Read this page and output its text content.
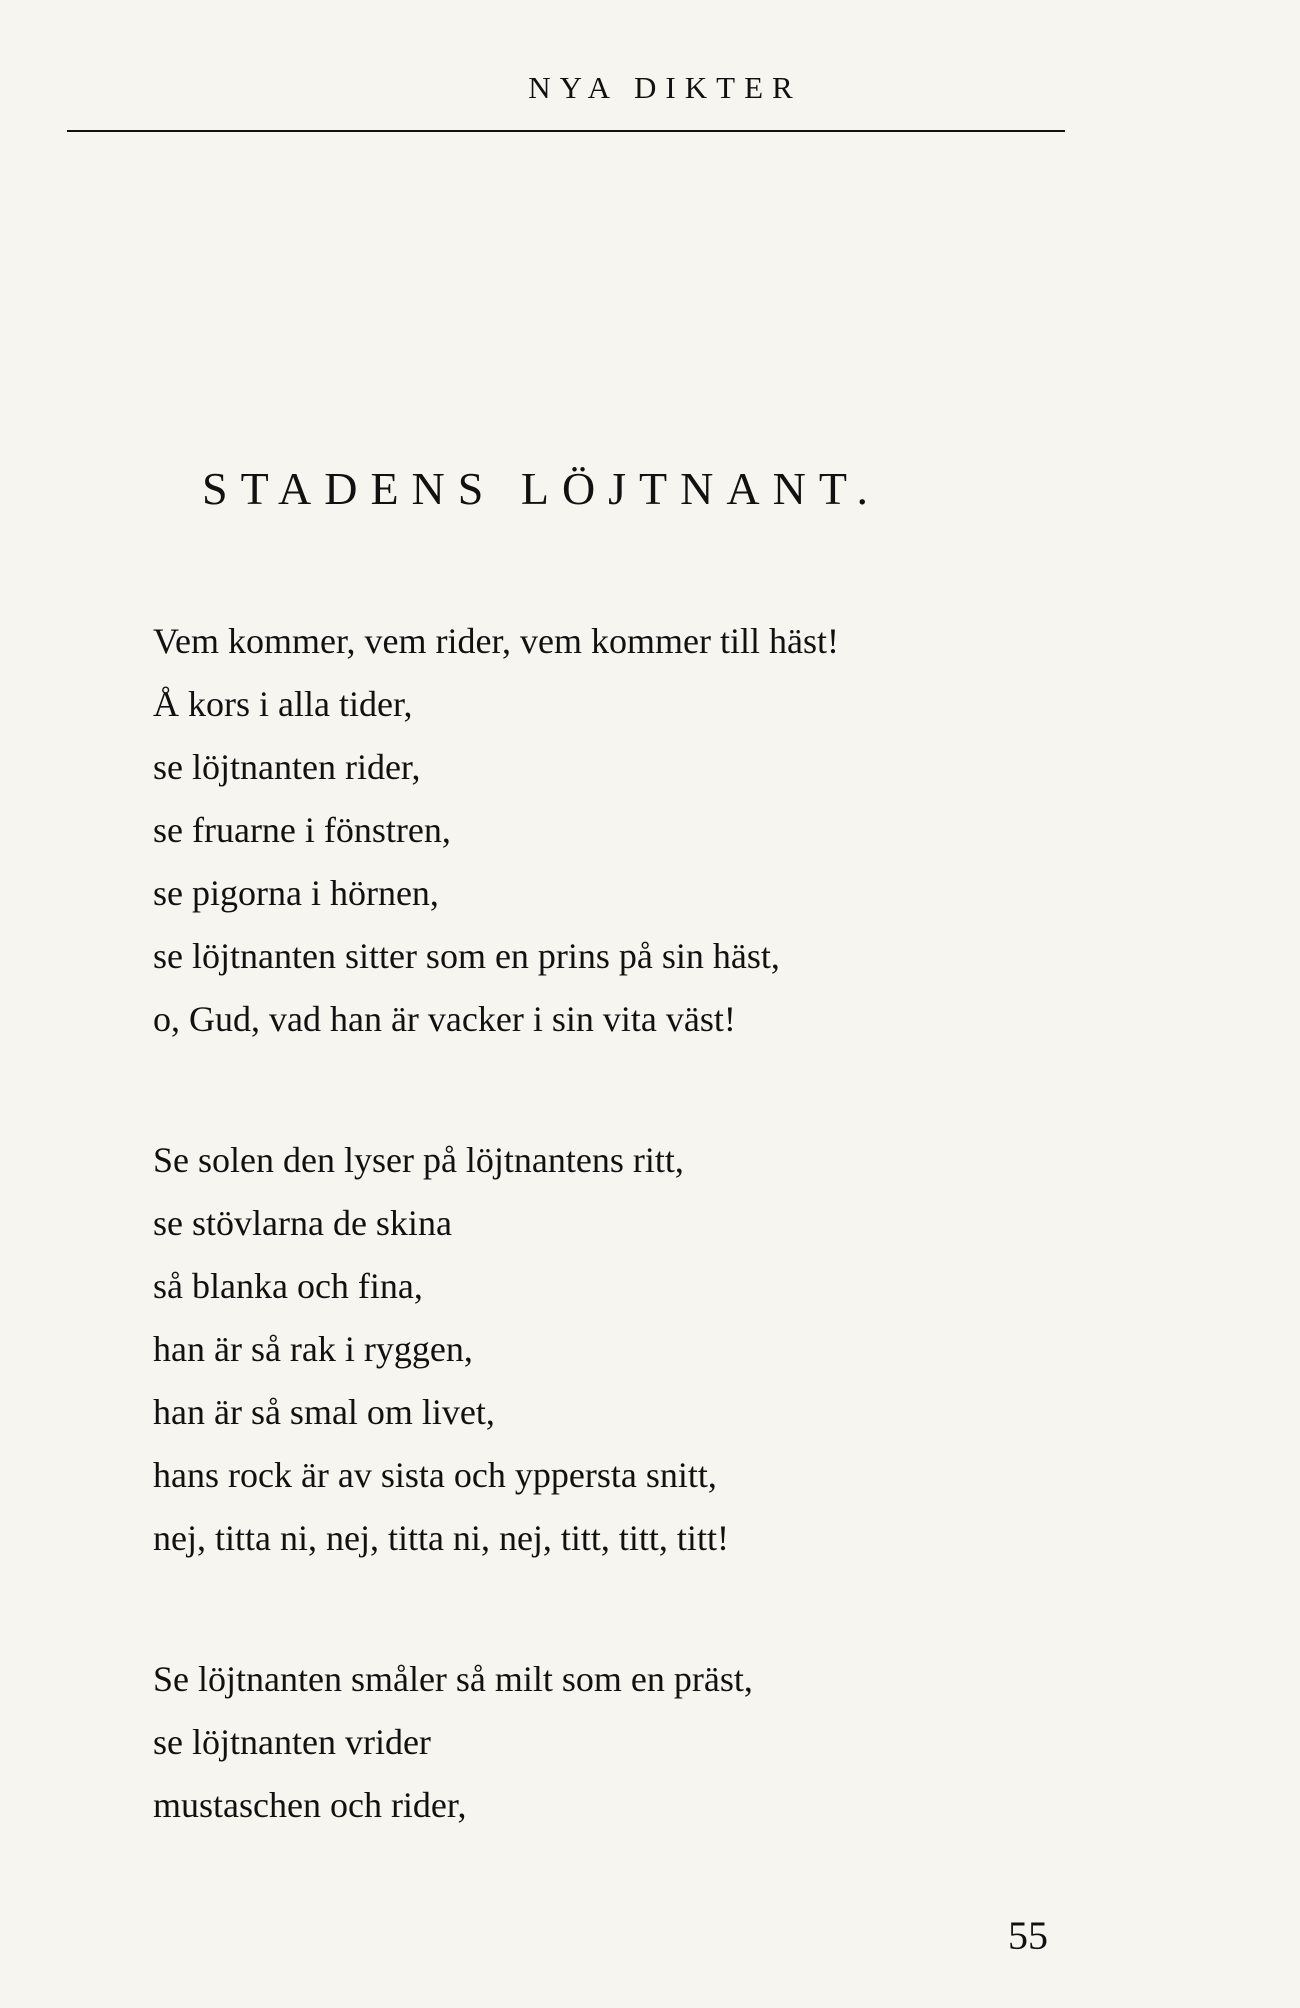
NYA DIKTER
STADENS LÖJTNANT.
Vem kommer, vem rider, vem kommer till häst!
Å kors i alla tider,
se löjtnanten rider,
se fruarne i fönstren,
se pigorna i hörnen,
se löjtnanten sitter som en prins på sin häst,
o, Gud, vad han är vacker i sin vita väst!
Se solen den lyser på löjtnantens ritt,
se stövlarna de skina
så blanka och fina,
han är så rak i ryggen,
han är så smal om livet,
hans rock är av sista och yppersta snitt,
nej, titta ni, nej, titta ni, nej, titt, titt, titt!
Se löjtnanten småler så milt som en präst,
se löjtnanten vrider
mustaschen och rider,
55
